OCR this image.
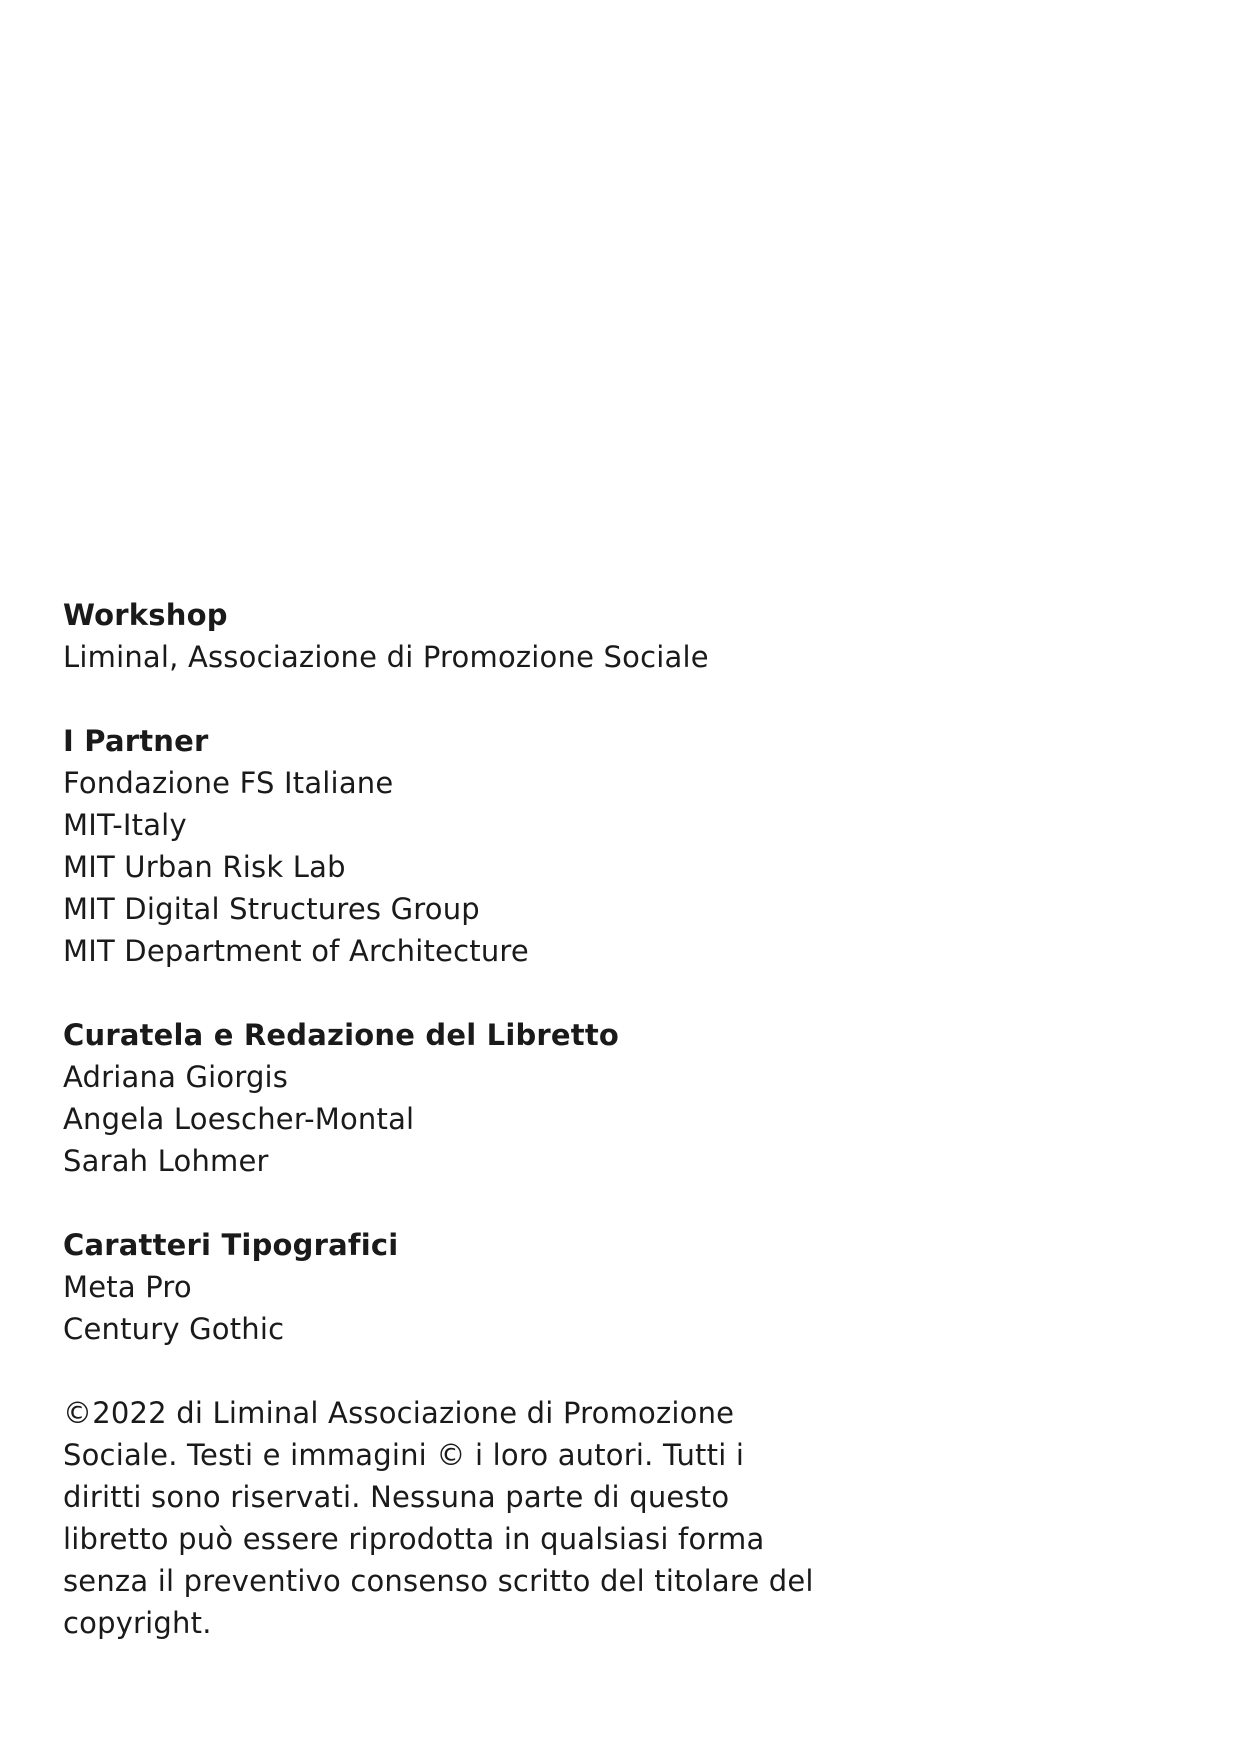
Workshop

Liminal, Associazione di Promozione Sociale

I Partner

Fondazione FS Italiane
MIT-Italy
MIT Urban Risk Lab
MIT Digital Structures Group
MIT Department of Architecture

Curatela e Redazione del Libretto

Adriana Giorgis
Angela Loescher-Montal
Sarah Lohmer

Caratteri Tipografici

Meta Pro
Century Gothic
©2022 di Liminal Associazione di Promozione
Sociale. Testi e immagini © i loro autori. Tutti i
diritti sono riservati. Nessuna parte di questo
libretto può essere riprodotta in qualsiasi forma
senza il preventivo consenso scritto del titolare del
copyright.
